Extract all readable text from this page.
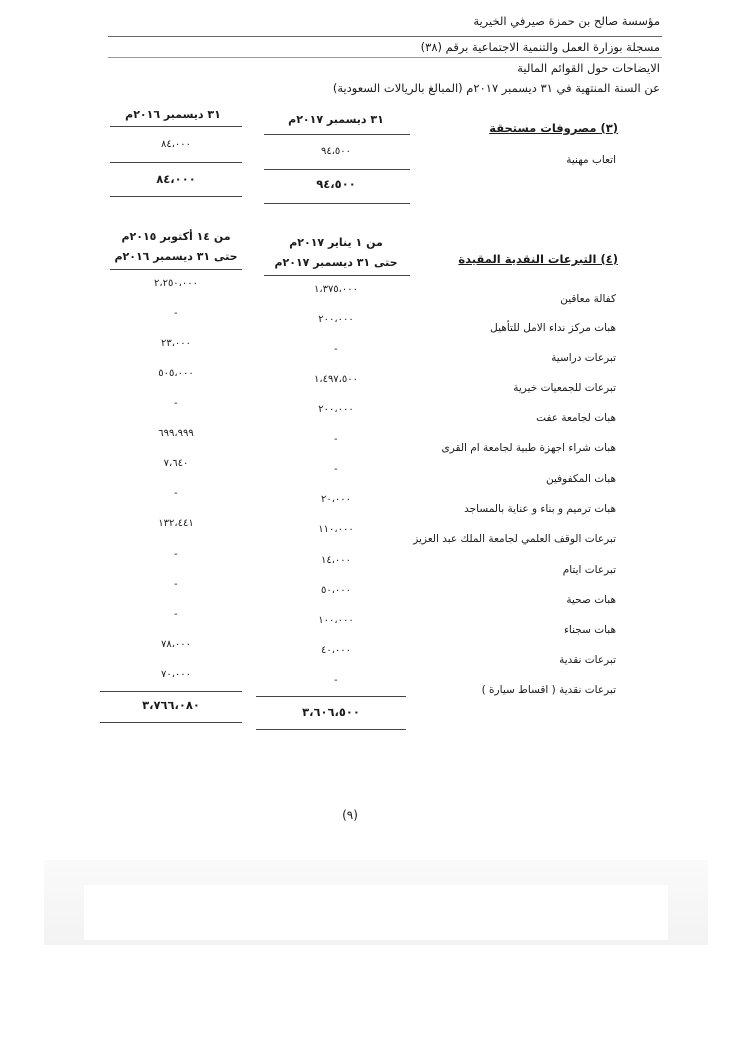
مؤسسة صالح بن حمزة صيرفي الخيرية
مسجلة بوزارة العمل والتنمية الاجتماعية برقم (٣٨)
الايضاحات حول القوائم المالية
عن السنة المنتهية في ٣١ ديسمبر ٢٠١٧م (المبالغ بالريالات السعودية)
٣١ ديسمبر ٢٠١٦م	٣١ ديسمبر ٢٠١٧م
(٣) مصروفات مستحقة
اتعاب مهنية
٩٤،٥٠٠
٨٤،٠٠٠
٩٤،٥٠٠
٨٤،٠٠٠
من ١٤ أكتوبر ٢٠١٥م
حتى ٣١ ديسمبر ٢٠١٦م
من ١ يناير ٢٠١٧م
حتى ٣١ ديسمبر ٢٠١٧م	(٤) التبرعات النقدية المقيدة
كفالة معاقين
١،٣٧٥،٠٠٠
٢،٢٥٠،٠٠٠
هبات مركز نداء الامل للتأهيل
٢٠٠،٠٠٠
-
تبرعات دراسية
-
٢٣،٠٠٠
تبرعات للجمعيات خيرية
١،٤٩٧،٥٠٠
٥٠٥،٠٠٠
هبات لجامعة عفت
٢٠٠،٠٠٠
-
هبات شراء اجهزة طبية لجامعة ام القرى
-
٦٩٩،٩٩٩
هبات المكفوفين
-
٧،٦٤٠
هبات ترميم و بناء و عناية بالمساجد
٢٠،٠٠٠
-
تبرعات الوقف العلمي لجامعة الملك عبد العزيز
١١٠،٠٠٠
١٣٢،٤٤١
تبرعات ايتام
١٤،٠٠٠
-
هبات صحية
٥٠،٠٠٠
-
هبات سجناء
١٠٠،٠٠٠
-
تبرعات نقدية
٤٠،٠٠٠
٧٨،٠٠٠
تبرعات نقدية ( اقساط سيارة )
-
٧٠،٠٠٠
٣،٦٠٦،٥٠٠
٣،٧٦٦،٠٨٠
(٩)
